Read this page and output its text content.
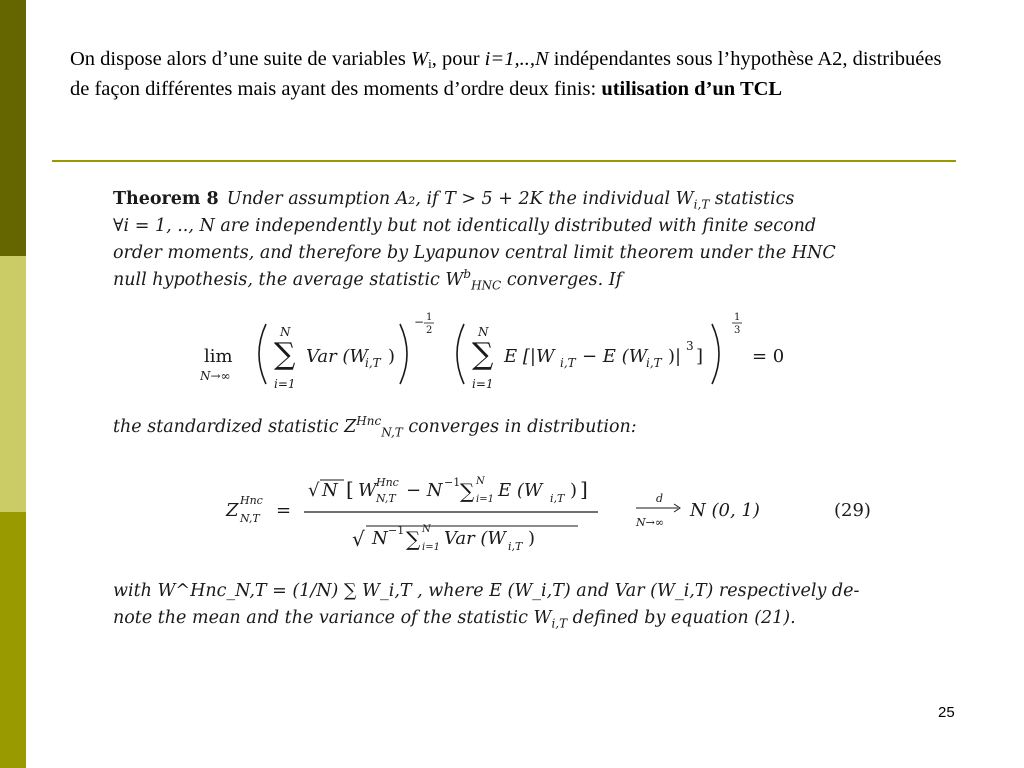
On dispose alors d’une suite de variables $W_i$, pour i=1,..,N indépendantes sous l’hypothèse A2, distribuées de façon différentes mais ayant des moments d’ordre deux finis: utilisation d’un TCL
Theorem 8 Under assumption A₂, if T > 5 + 2K the individual $W_{i,T}$ statistics
∀i = 1, .., N are independently but not identically distributed with finite second
order moments, and therefore by Lyapunov central limit theorem under the HNC
null hypothesis, the average statistic $W^b_{HNC}$ converges. If
lim
N→∞
∑
N
i=1
Var (W
i,T )
− 1
2
∑
N
i=1
E [|W i,T − E (W
i,T )| 3 ]
1
3
= 0
the standardized statistic $Z^{Hnc}_{N,T}$ converges in distribution:
Z Hnc
N,T =
√ N [ W Hnc
N,T − N −1 ∑ N
i=1 E (W i,T ) ]
√ N −1 ∑ N
i=1 Var (W i,T )
d
N→∞
N (0, 1)	(29)
with W^Hnc_N,T = (1/N) ∑ W_i,T , where E (W_i,T) and Var (W_i,T) respectively de-
note the mean and the variance of the statistic $W_{i,T}$ defined by equation (21).
25
